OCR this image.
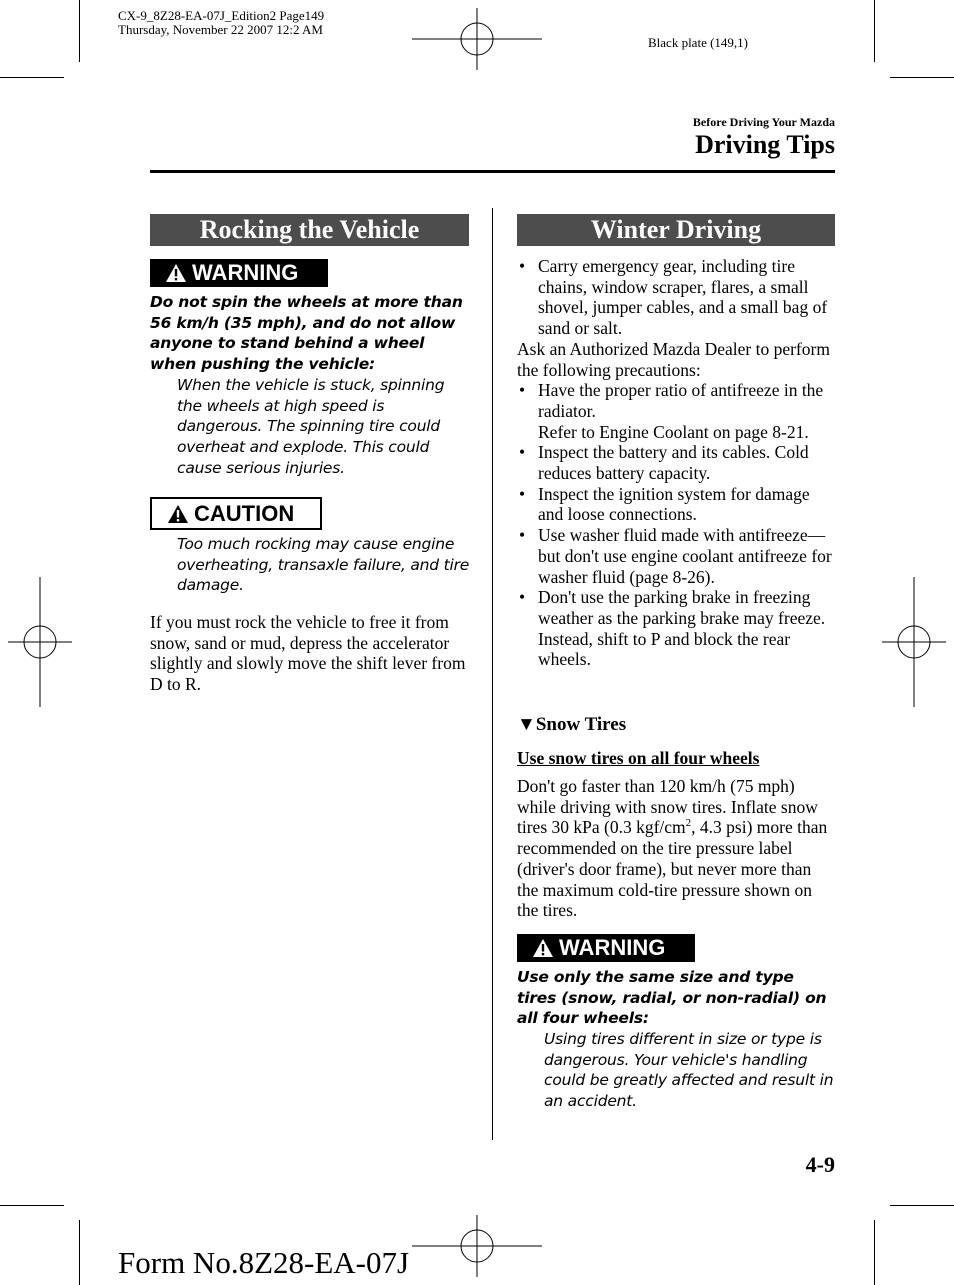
CX-9_8Z28-EA-07J_Edition2 Page149
Thursday, November 22 2007 12:2 AM
Black plate (149,1)
Before Driving Your Mazda
Driving Tips
Rocking the Vehicle
WARNING
Do not spin the wheels at more than 56 km/h (35 mph), and do not allow anyone to stand behind a wheel when pushing the vehicle:
When the vehicle is stuck, spinning the wheels at high speed is dangerous. The spinning tire could overheat and explode. This could cause serious injuries.
CAUTION
Too much rocking may cause engine overheating, transaxle failure, and tire damage.
If you must rock the vehicle to free it from snow, sand or mud, depress the accelerator slightly and slowly move the shift lever from D to R.
Winter Driving
• Carry emergency gear, including tire chains, window scraper, flares, a small shovel, jumper cables, and a small bag of sand or salt.
Ask an Authorized Mazda Dealer to perform the following precautions:
• Have the proper ratio of antifreeze in the radiator.
Refer to Engine Coolant on page 8-21.
• Inspect the battery and its cables. Cold reduces battery capacity.
• Inspect the ignition system for damage and loose connections.
• Use washer fluid made with antifreeze—but don't use engine coolant antifreeze for washer fluid (page 8-26).
• Don't use the parking brake in freezing weather as the parking brake may freeze. Instead, shift to P and block the rear wheels.
▼Snow Tires
Use snow tires on all four wheels
Don't go faster than 120 km/h (75 mph) while driving with snow tires. Inflate snow tires 30 kPa (0.3 kgf/$cm^2$, 4.3 psi) more than recommended on the tire pressure label (driver's door frame), but never more than the maximum cold-tire pressure shown on the tires.
WARNING
Use only the same size and type tires (snow, radial, or non-radial) on all four wheels:
Using tires different in size or type is dangerous. Your vehicle's handling could be greatly affected and result in an accident.
4-9
Form No.8Z28-EA-07J
